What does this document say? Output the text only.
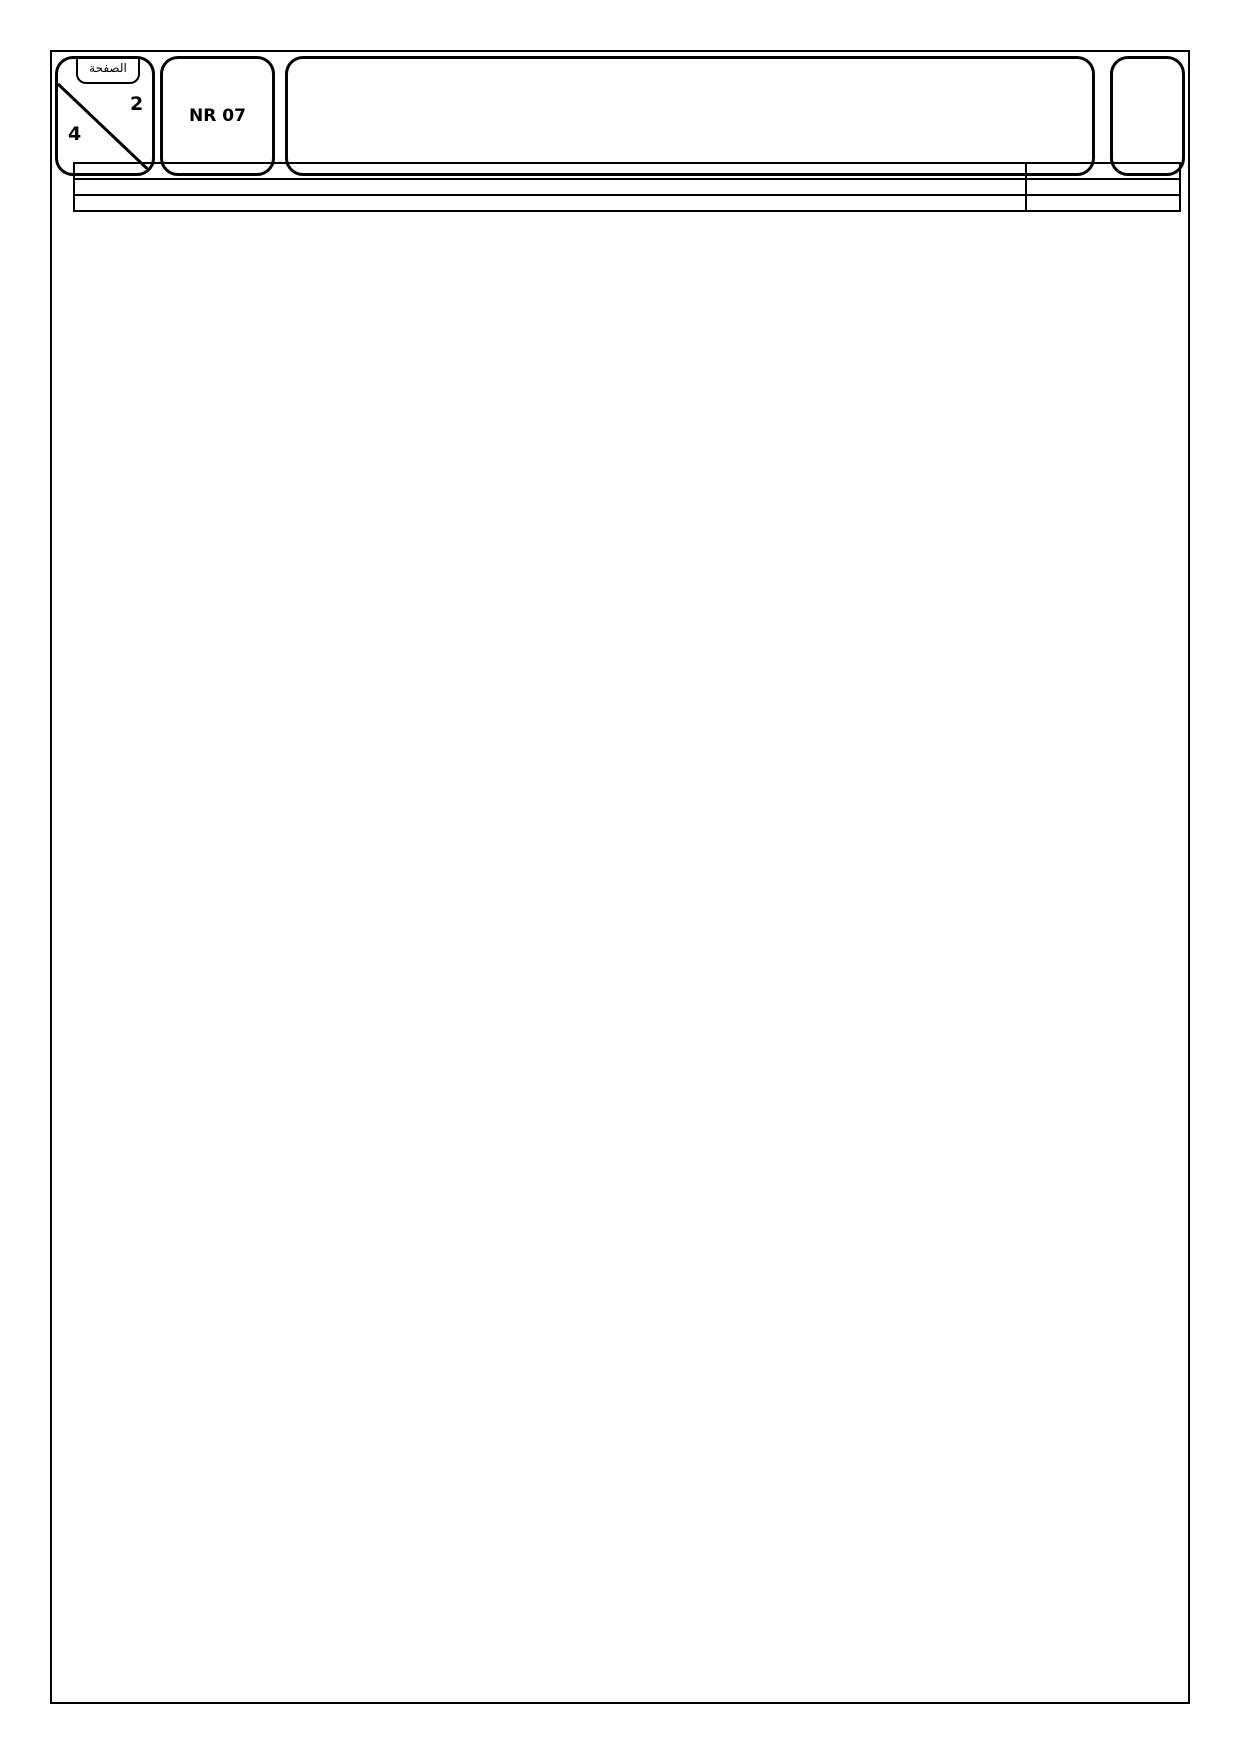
NR 07
الصفحة
2
4
